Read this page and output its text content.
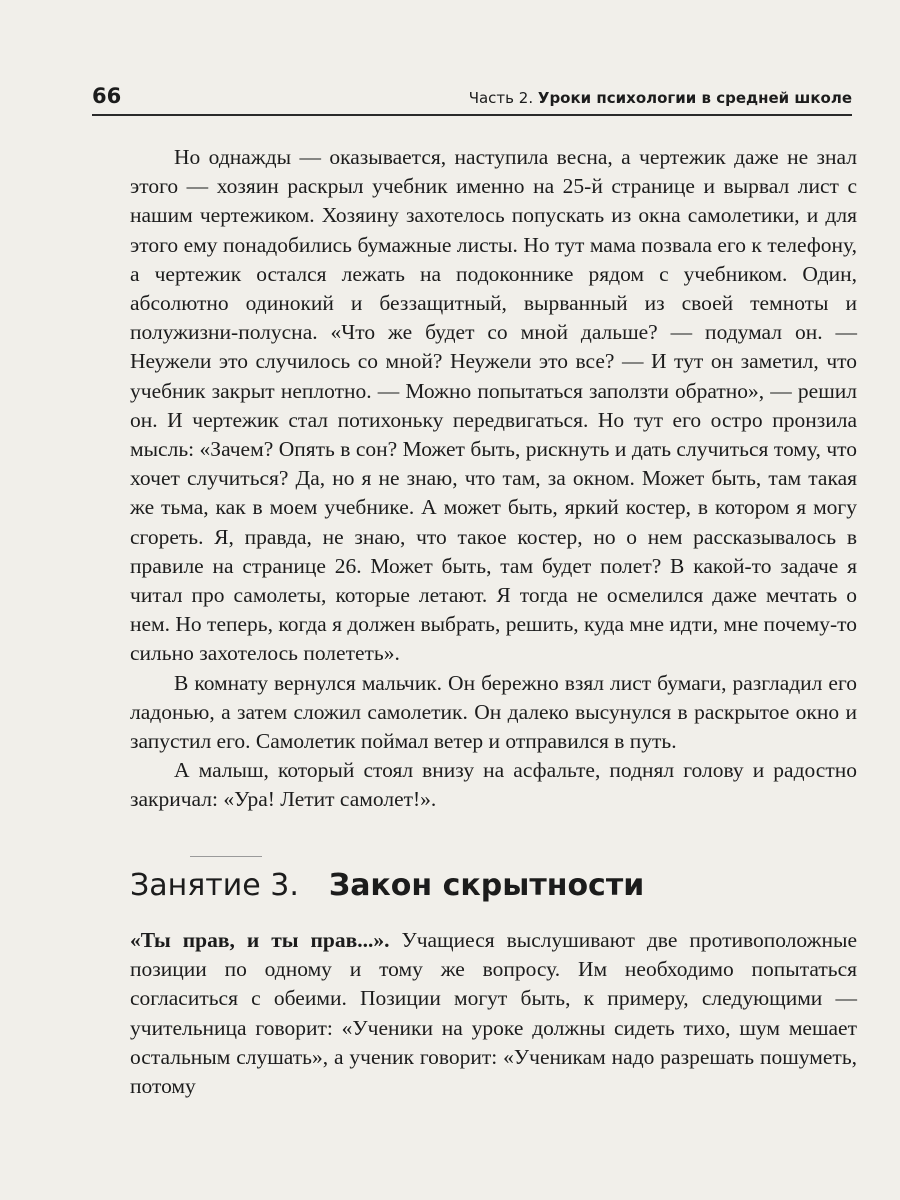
66	Часть 2. Уроки психологии в средней школе

Но однажды — оказывается, наступила весна, а чертежик даже не знал этого — хозяин раскрыл учебник именно на 25-й странице и вырвал лист с нашим чертежиком. Хозяину захотелось попускать из окна самолетики, и для этого ему понадобились бумажные листы. Но тут мама позвала его к телефону, а чертежик остался лежать на подоконнике рядом с учебником. Один, абсолютно одинокий и беззащитный, вырванный из своей темноты и полужизни-полусна. «Что же будет со мной дальше? — подумал он. — Неужели это случилось со мной? Неужели это все? — И тут он заметил, что учебник закрыт неплотно. — Можно попытаться заползти обратно», — решил он. И чертежик стал потихоньку передвигаться. Но тут его остро пронзила мысль: «Зачем? Опять в сон? Может быть, рискнуть и дать случиться тому, что хочет случиться? Да, но я не знаю, что там, за окном. Может быть, там такая же тьма, как в моем учебнике. А может быть, яркий костер, в котором я могу сгореть. Я, правда, не знаю, что такое костер, но о нем рассказывалось в правиле на странице 26. Может быть, там будет полет? В какой-то задаче я читал про самолеты, которые летают. Я тогда не осмелился даже мечтать о нем. Но теперь, когда я должен выбрать, решить, куда мне идти, мне почему-то сильно захотелось полететь».

В комнату вернулся мальчик. Он бережно взял лист бумаги, разгладил его ладонью, а затем сложил самолетик. Он далеко высунулся в раскрытое окно и запустил его. Самолетик поймал ветер и отправился в путь.

А малыш, который стоял внизу на асфальте, поднял голову и радостно закричал: «Ура! Летит самолет!».

Занятие 3. Закон скрытности

«Ты прав, и ты прав...». Учащиеся выслушивают две противоположные позиции по одному и тому же вопросу. Им необходимо попытаться согласиться с обеими. Позиции могут быть, к примеру, следующими — учительница говорит: «Ученики на уроке должны сидеть тихо, шум мешает остальным слушать», а ученик говорит: «Ученикам надо разрешать пошуметь, потому
